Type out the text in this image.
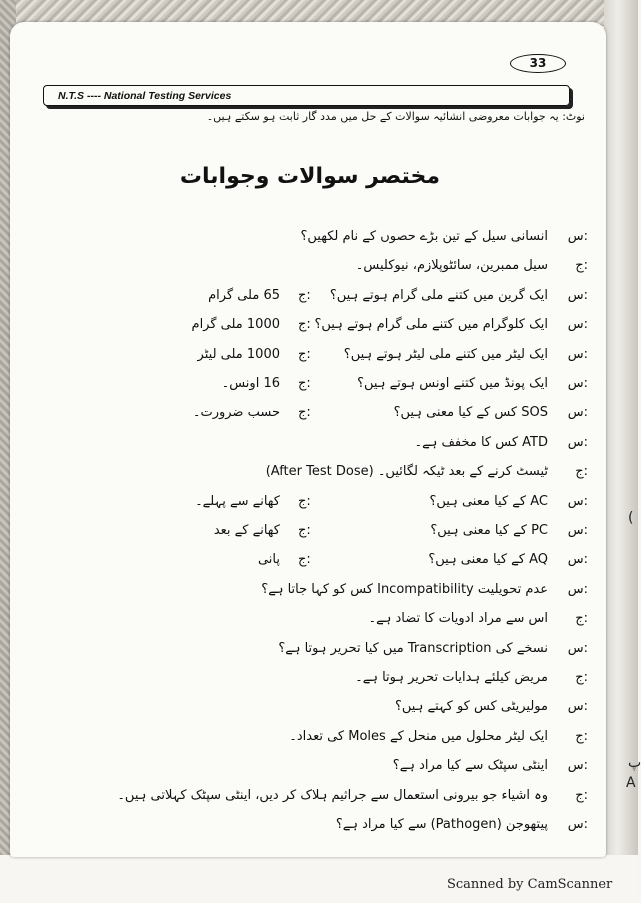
(
پ
A
33
N.T.S ---- National Testing Services
نوٹ: یہ جوابات معروضی انشائیہ سوالات کے حل میں مدد گار ثابت ہو سکتے ہیں۔
مختصر سوالات وجوابات
س:
انسانی سیل کے تین بڑے حصوں کے نام لکھیں؟
ج:
سیل ممبرین، سائٹوپلازم، نیوکلیس۔
س:
ایک گرین میں کتنے ملی گرام ہوتے ہیں؟
ج:
65 ملی گرام
س:
ایک کلوگرام میں کتنے ملی گرام ہوتے ہیں؟
ج:
1000 ملی گرام
س:
ایک لیٹر میں کتنے ملی لیٹر ہوتے ہیں؟
ج:
1000 ملی لیٹر
س:
ایک پونڈ میں کتنے اونس ہوتے ہیں؟
ج:
16 اونس۔
س:
SOS کس کے کیا معنی ہیں؟
ج:
حسب ضرورت۔
س:
ATD کس کا مخفف ہے۔
ج:
ٹیسٹ کرنے کے بعد ٹیکہ لگائیں۔ (After Test Dose)
س:
AC کے کیا معنی ہیں؟
ج:
کھانے سے پہلے۔
س:
PC کے کیا معنی ہیں؟
ج:
کھانے کے بعد
س:
AQ کے کیا معنی ہیں؟
ج:
پانی
س:
عدم تحویلیت Incompatibility کس کو کہا جاتا ہے؟
ج:
اس سے مراد ادویات کا تضاد ہے۔
س:
نسخے کی Transcription میں کیا تحریر ہوتا ہے؟
ج:
مریض کیلئے ہدایات تحریر ہوتا ہے۔
س:
مولیریٹی کس کو کہتے ہیں؟
ج:
ایک لیٹر محلول میں منحل کے Moles کی تعداد۔
س:
اینٹی سپٹک سے کیا مراد ہے؟
ج:
وہ اشیاء جو بیرونی استعمال سے جراثیم ہلاک کر دیں، اینٹی سپٹک کہلاتی ہیں۔
س:
پیتھوجن (Pathogen) سے کیا مراد ہے؟
Scanned by CamScanner
